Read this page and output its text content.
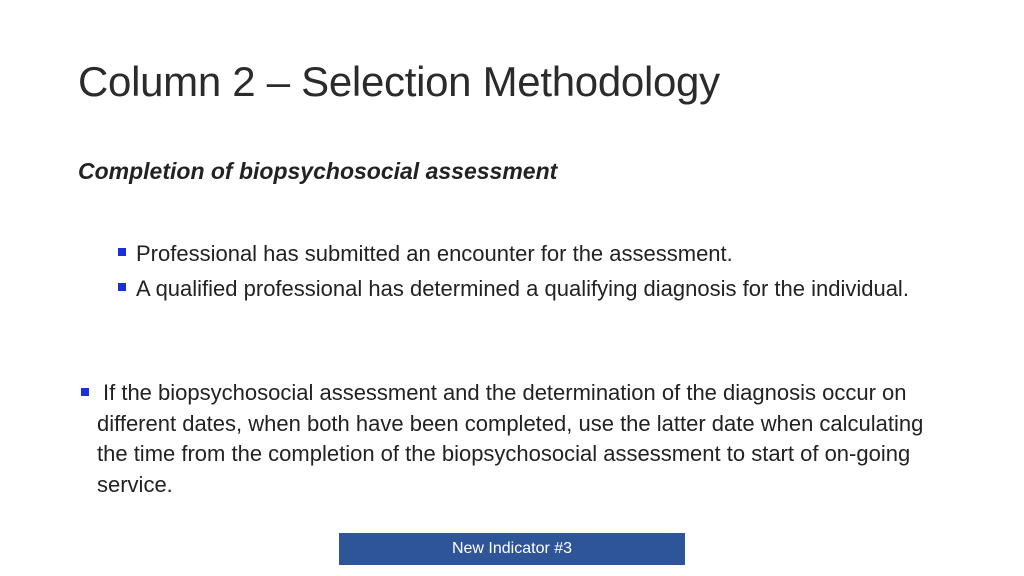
Column 2 – Selection Methodology
Completion of biopsychosocial assessment
Professional has submitted an encounter for the assessment.
A qualified professional has determined a qualifying diagnosis for the individual.
If the biopsychosocial assessment and the determination of the diagnosis occur on different dates, when both have been completed, use the latter date when calculating the time from the completion of the biopsychosocial assessment to start of on-going service.
New Indicator #3
